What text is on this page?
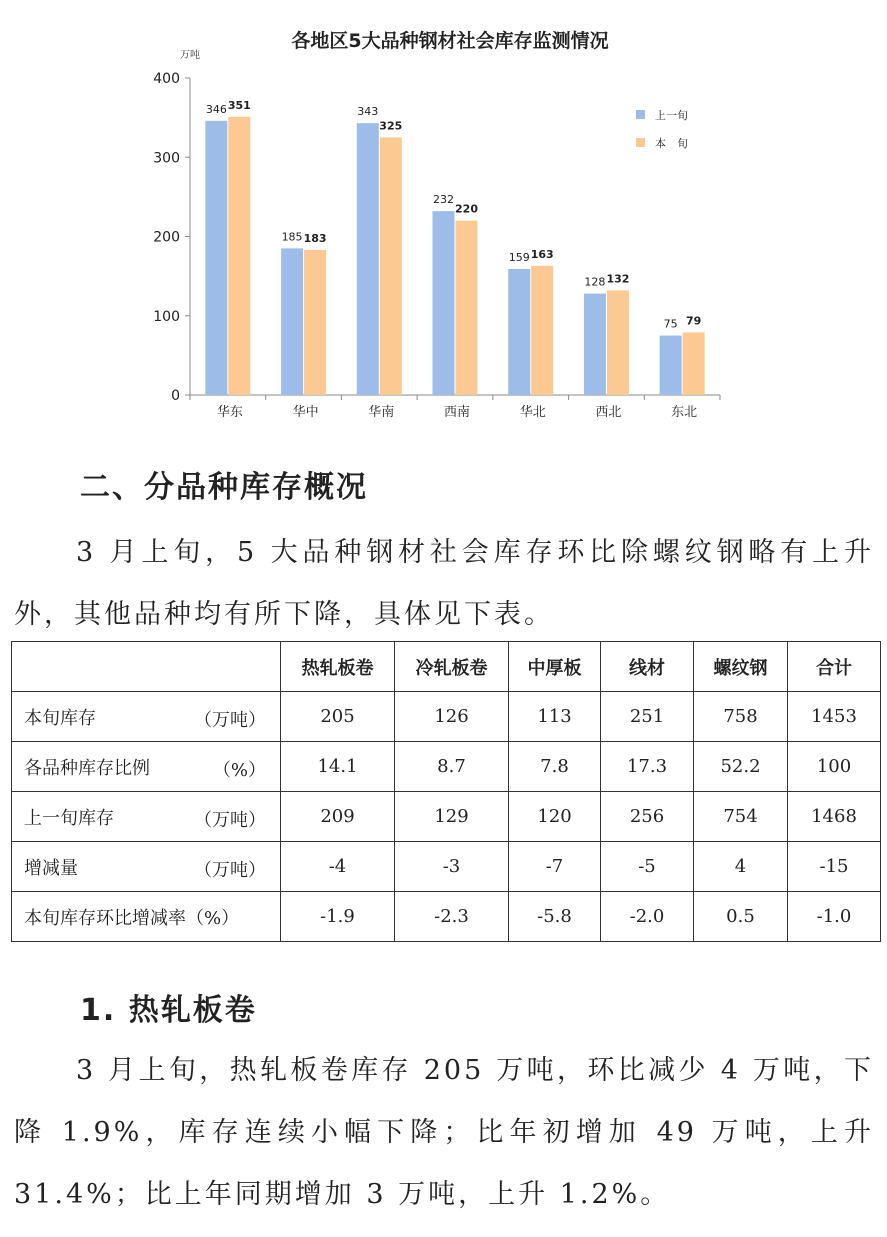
各地区5大品种钢材社会库存监测情况
万吨
0
100
200
300
400
华东	华中	华南	西南	华北	西北	东北
346
185
343
232
159
128
75
351
183
325
220
163
132
79
上一旬
本　旬
二、分品种库存概况

3 月上旬，5 大品种钢材社会库存环比除螺纹钢略有上升外，其他品种均有所下降，具体见下表。

	热轧板卷	冷轧板卷	中厚板	线材	螺纹钢	合计
本旬库存 （万吨）	205	126	113	251	758	1453
各品种库存比例 （%）	14.1	8.7	7.8	17.3	52.2	100
上一旬库存 （万吨）	209	129	120	256	754	1468
增减量 （万吨）	-4	-3	-7	-5	4	-15
本旬库存环比增减率（%）	-1.9	-2.3	-5.8	-2.0	0.5	-1.0
1. 热轧板卷

3 月上旬，热轧板卷库存 205 万吨，环比减少 4 万吨，下降 1.9%，库存连续小幅下降；比年初增加 49 万吨，上升 31.4%；比上年同期增加 3 万吨，上升 1.2%。
